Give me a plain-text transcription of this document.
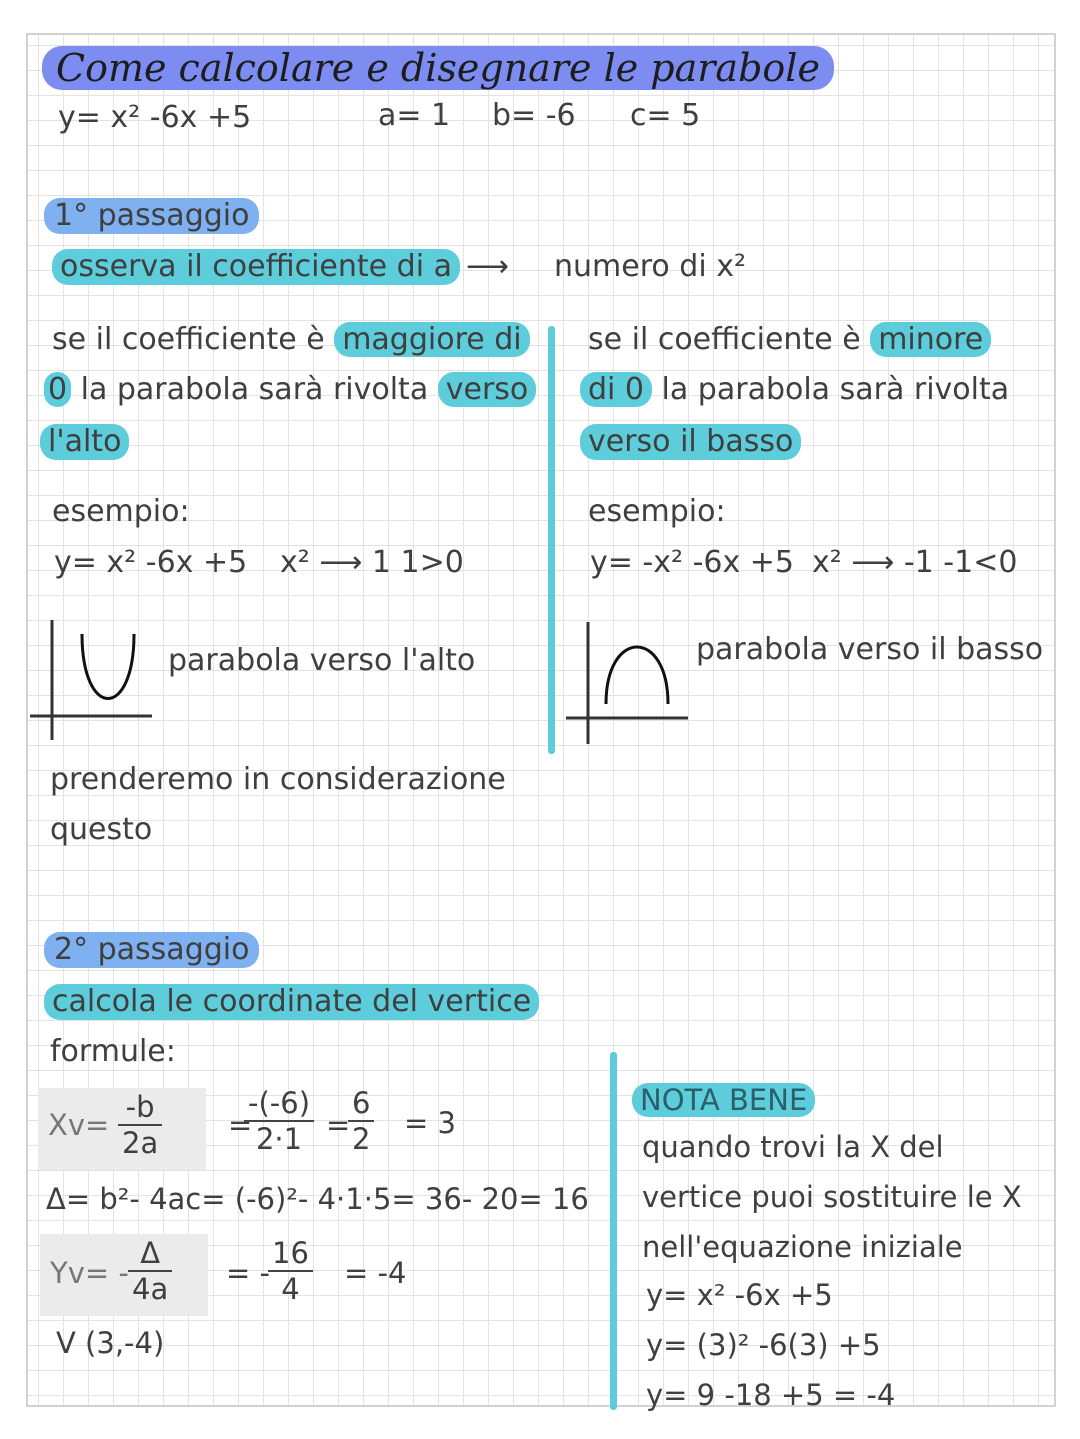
Come calcolare e disegnare le parabole
y= x² -6x +5	a= 1 b= -6 c= 5
1° passaggio
osserva il coefficiente di a ⟶ numero di x²
se il coefficiente è maggiore di
0 la parabola sarà rivolta verso
l'alto
esempio:
y= x² -6x +5 x² ⟶ 1 1>0
parabola verso l'alto
se il coefficiente è minore
di 0 la parabola sarà rivolta
verso il basso
esempio:
y= -x² -6x +5 x² ⟶ -1 -1<0
parabola verso il basso
prenderemo in considerazione
questo
2° passaggio
calcola le coordinate del vertice
formule:
$Xv= \frac{-b}{2a}$ =
$\frac{-(-6)}{2\cdot 1}$ =
$\frac{6}{2} = 3$
Δ= b²- 4ac= (-6)²- 4·1·5= 36- 20= 16
$Yv= - \frac{\Delta}{4a}$ = -
$\frac{16}{4} = -4$
V (3,-4)
NOTA BENE
quando trovi la X del
vertice puoi sostituire le X
nell'equazione iniziale
y= x² -6x +5
y= (3)² -6(3) +5
y= 9 -18 +5 = -4
